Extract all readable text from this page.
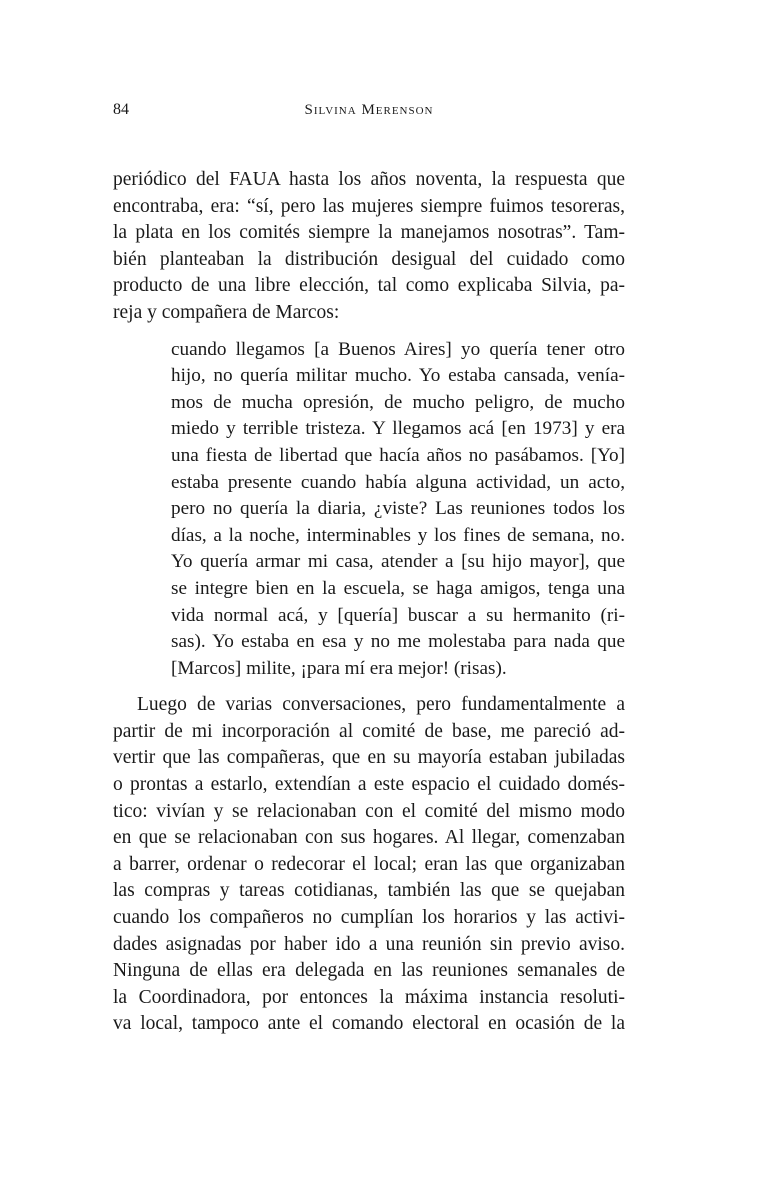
84	Silvina Merenson
periódico del FAUA hasta los años noventa, la respuesta que
encontraba, era: “sí, pero las mujeres siempre fuimos tesoreras,
la plata en los comités siempre la manejamos nosotras”. Tam-
bién planteaban la distribución desigual del cuidado como
producto de una libre elección, tal como explicaba Silvia, pa-
reja y compañera de Marcos:
cuando llegamos [a Buenos Aires] yo quería tener otro
hijo, no quería militar mucho. Yo estaba cansada, venía-
mos de mucha opresión, de mucho peligro, de mucho
miedo y terrible tristeza. Y llegamos acá [en 1973] y era
una fiesta de libertad que hacía años no pasábamos. [Yo]
estaba presente cuando había alguna actividad, un acto,
pero no quería la diaria, ¿viste? Las reuniones todos los
días, a la noche, interminables y los fines de semana, no.
Yo quería armar mi casa, atender a [su hijo mayor], que
se integre bien en la escuela, se haga amigos, tenga una
vida normal acá, y [quería] buscar a su hermanito (ri-
sas). Yo estaba en esa y no me molestaba para nada que
[Marcos] milite, ¡para mí era mejor! (risas).
Luego de varias conversaciones, pero fundamentalmente a
partir de mi incorporación al comité de base, me pareció ad-
vertir que las compañeras, que en su mayoría estaban jubiladas
o prontas a estarlo, extendían a este espacio el cuidado domés-
tico: vivían y se relacionaban con el comité del mismo modo
en que se relacionaban con sus hogares. Al llegar, comenzaban
a barrer, ordenar o redecorar el local; eran las que organizaban
las compras y tareas cotidianas, también las que se quejaban
cuando los compañeros no cumplían los horarios y las activi-
dades asignadas por haber ido a una reunión sin previo aviso.
Ninguna de ellas era delegada en las reuniones semanales de
la Coordinadora, por entonces la máxima instancia resoluti-
va local, tampoco ante el comando electoral en ocasión de la
